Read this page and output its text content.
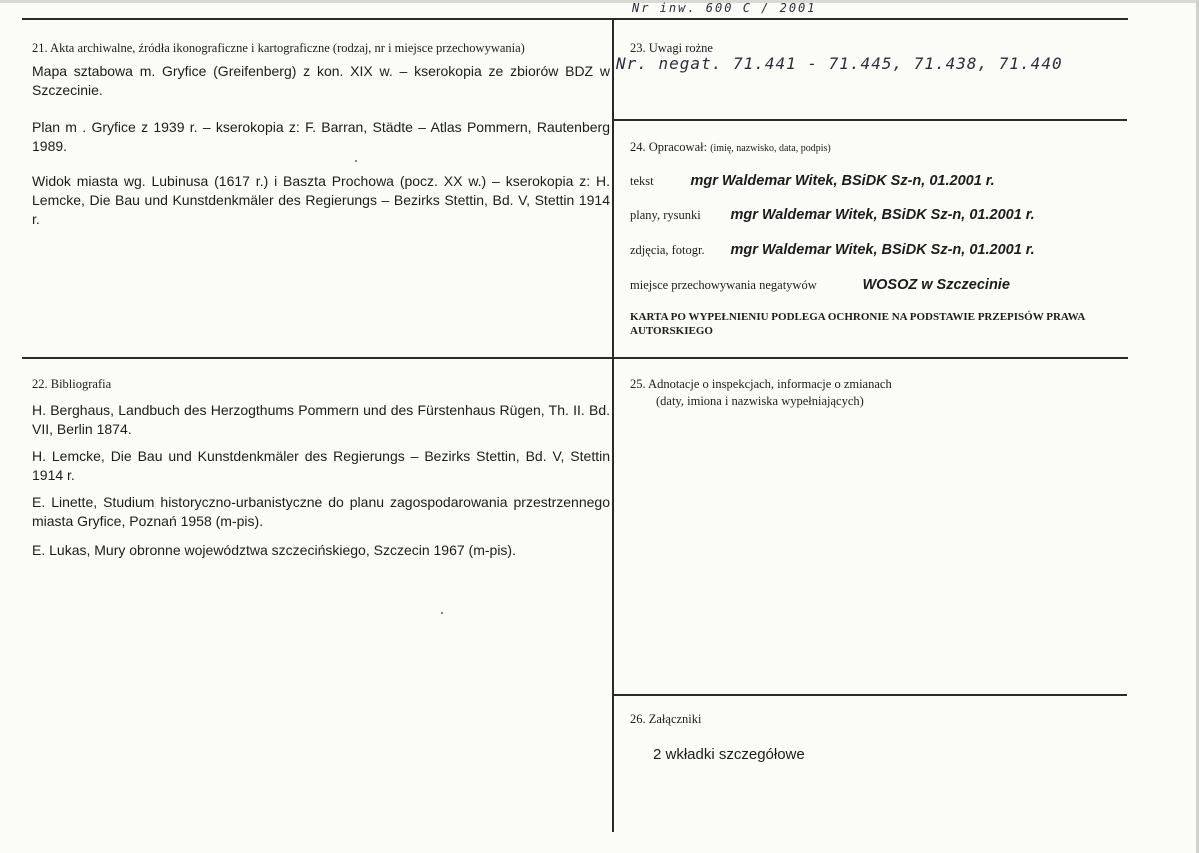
Nr inw. 600 C / 2001
21. Akta archiwalne, źródła ikonograficzne i kartograficzne (rodzaj, nr i miejsce przechowywania)
Mapa sztabowa m. Gryfice (Greifenberg) z kon. XIX w. – kserokopia ze zbiorów BDZ w Szczecinie.
Plan m . Gryfice z 1939 r. – kserokopia z: F. Barran, Städte – Atlas Pommern, Rautenberg 1989.
Widok miasta wg. Lubinusa (1617 r.) i Baszta Prochowa (pocz. XX w.) – kserokopia z: H. Lemcke, Die Bau und Kunstdenkmäler des Regierungs – Bezirks Stettin, Bd. V, Stettin 1914 r.
23. Uwagi rożne
Nr. negat. 71.441 - 71.445, 71.438, 71.440
24. Opracował: (imię, nazwisko, data, podpis)
tekst	mgr Waldemar Witek, BSiDK Sz-n, 01.2001 r.
plany, rysunki mgr Waldemar Witek, BSiDK Sz-n, 01.2001 r.
zdjęcia, fotogr. mgr Waldemar Witek, BSiDK Sz-n, 01.2001 r.
miejsce przechowywania negatywów	WOSOZ w Szczecinie
KARTA PO WYPEŁNIENIU PODLEGA OCHRONIE NA PODSTAWIE PRZEPISÓW PRAWA AUTORSKIEGO
22. Bibliografia
H. Berghaus, Landbuch des Herzogthums Pommern und des Fürstenhaus Rügen, Th. II. Bd. VII, Berlin 1874.
H. Lemcke, Die Bau und Kunstdenkmäler des Regierungs – Bezirks Stettin, Bd. V, Stettin 1914 r.
E. Linette, Studium historyczno-urbanistyczne do planu zagospodarowania przestrzennego miasta Gryfice, Poznań 1958 (m-pis).
E. Lukas, Mury obronne województwa szczecińskiego, Szczecin 1967 (m-pis).
25. Adnotacje o inspekcjach, informacje o zmianach
(daty, imiona i nazwiska wypełniających)
26. Załączniki
2 wkładki szczegółowe
